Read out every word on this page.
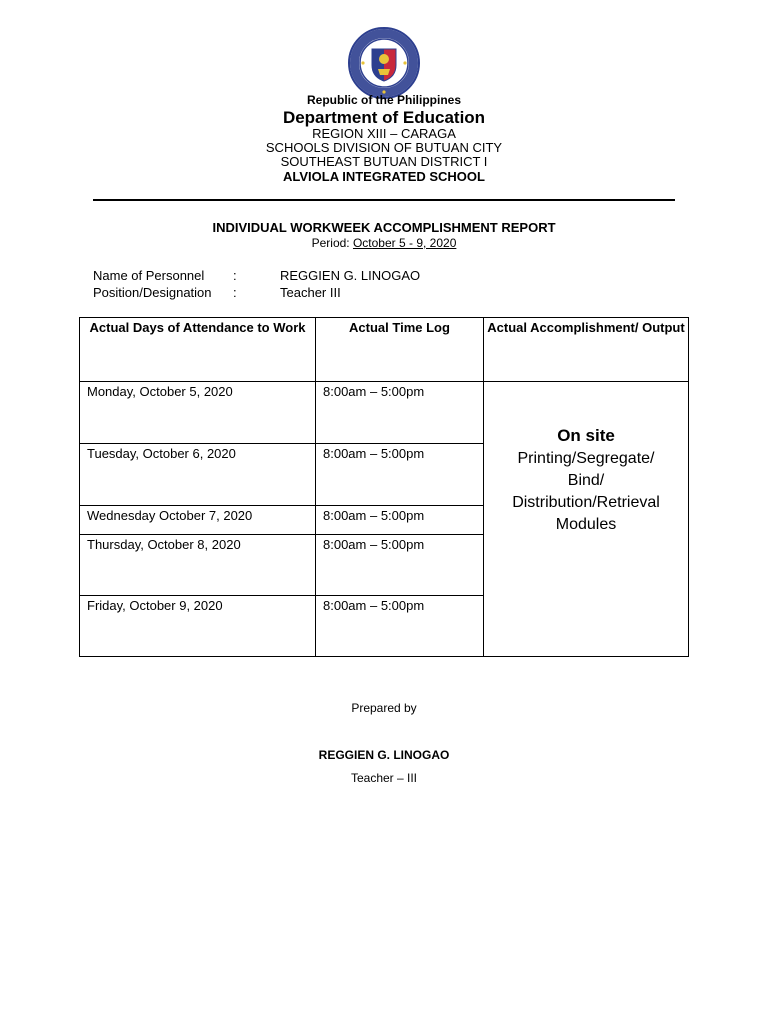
Republic of the Philippines
Department of Education
REGION XIII – CARAGA
SCHOOLS DIVISION OF BUTUAN CITY
SOUTHEAST BUTUAN DISTRICT I
ALVIOLA INTEGRATED SCHOOL
INDIVIDUAL WORKWEEK ACCOMPLISHMENT REPORT
Period: October 5 - 9, 2020
Name of Personnel :	REGGIEN G. LINOGAO
Position/Designation :	Teacher III
Actual Days of Attendance to Work	Actual Time Log	Actual Accomplishment/ Output
Monday, October 5, 2020	8:00am – 5:00pm	On site
Printing/Segregate/
Bind/
Distribution/Retrieval
Modules

Tuesday, October 6, 2020	8:00am – 5:00pm	
Wednesday October 7, 2020	8:00am – 5:00pm	
Thursday, October 8, 2020	8:00am – 5:00pm	
Friday, October 9, 2020	8:00am – 5:00pm	
Prepared by
REGGIEN G. LINOGAO
Teacher – III
